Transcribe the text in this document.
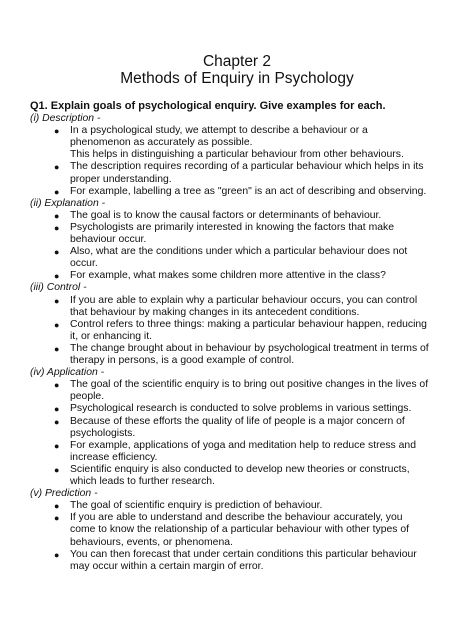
Chapter 2
Methods of Enquiry in Psychology
Q1. Explain goals of psychological enquiry. Give examples for each.
(i) Description -
● In a psychological study, we attempt to describe a behaviour or a
phenomenon as accurately as possible.
This helps in distinguishing a particular behaviour from other behaviours.
● The description requires recording of a particular behaviour which helps in its
proper understanding.
● For example, labelling a tree as "green" is an act of describing and observing.
(ii) Explanation -
● The goal is to know the causal factors or determinants of behaviour.
● Psychologists are primarily interested in knowing the factors that make
behaviour occur.
● Also, what are the conditions under which a particular behaviour does not
occur.
● For example, what makes some children more attentive in the class?
(iii) Control -
● If you are able to explain why a particular behaviour occurs, you can control
that behaviour by making changes in its antecedent conditions.
● Control refers to three things: making a particular behaviour happen, reducing
it, or enhancing it.
● The change brought about in behaviour by psychological treatment in terms of
therapy in persons, is a good example of control.
(iv) Application -
● The goal of the scientific enquiry is to bring out positive changes in the lives of
people.
● Psychological research is conducted to solve problems in various settings.
● Because of these efforts the quality of life of people is a major concern of
psychologists.
● For example, applications of yoga and meditation help to reduce stress and
increase efficiency.
● Scientific enquiry is also conducted to develop new theories or constructs,
which leads to further research.
(v) Prediction -
● The goal of scientific enquiry is prediction of behaviour.
● If you are able to understand and describe the behaviour accurately, you
come to know the relationship of a particular behaviour with other types of
behaviours, events, or phenomena.
● You can then forecast that under certain conditions this particular behaviour
may occur within a certain margin of error.
